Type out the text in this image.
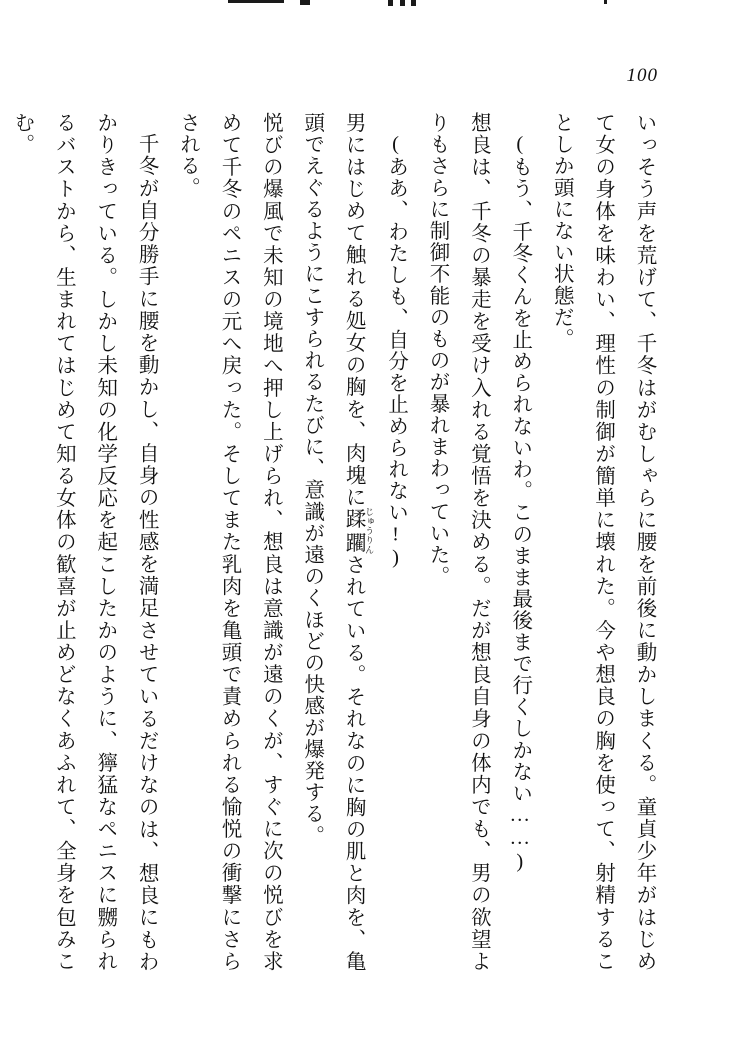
100

いっそう声を荒げて、千冬はがむしゃらに腰を前後に動かしまくる。童貞少年がはじめて女の身体を味わい、理性の制御が簡単に壊れた。今や想良の胸を使って、射精することしか頭にない状態だ。

(もう、千冬くんを止められないわ。このまま最後まで行くしかない……)

想良は、千冬の暴走を受け入れる覚悟を決める。だが想良自身の体内でも、男の欲望よりもさらに制御不能のものが暴れまわっていた。

(ああ、わたしも、自分を止められない!)

男にはじめて触れる処女の胸を、肉塊に蹂躙 じゅうりんされている。それなのに胸の肌と肉を、亀頭でえぐるようにこすられるたびに、意識が遠のくほどの快感が爆発する。

悦びの爆風で未知の境地へ押し上げられ、想良は意識が遠のくが、すぐに次の悦びを求めて千冬のペニスの元へ戻った。そしてまた乳肉を亀頭で責められる愉悦の衝撃にさらされる。

千冬が自分勝手に腰を動かし、自身の性感を満足させているだけなのは、想良にもわかりきっている。しかし未知の化学反応を起こしたかのように、獰猛なペニスに嬲られるバストから、生まれてはじめて知る女体の歓喜が止めどなくあふれて、全身を包みこむ。
